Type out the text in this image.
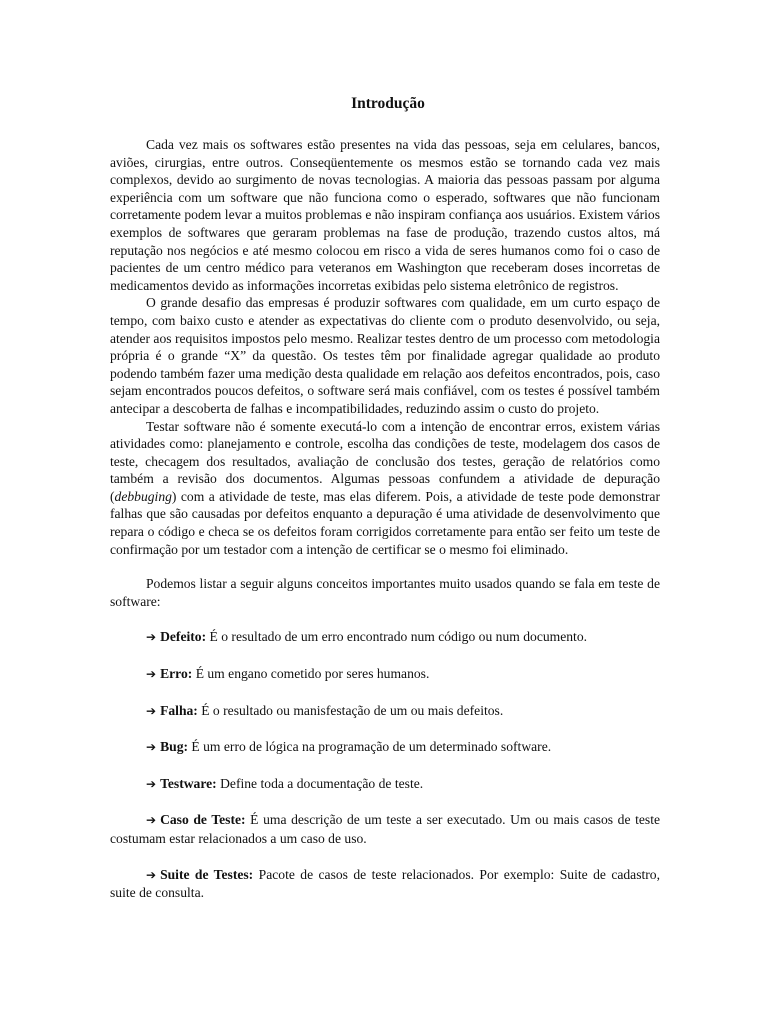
Introdução

Cada vez mais os softwares estão presentes na vida das pessoas, seja em celulares, bancos, aviões, cirurgias, entre outros. Conseqüentemente os mesmos estão se tornando cada vez mais complexos, devido ao surgimento de novas tecnologias. A maioria das pessoas passam por alguma experiência com um software que não funciona como o esperado, softwares que não funcionam corretamente podem levar a muitos problemas e não inspiram confiança aos usuários. Existem vários exemplos de softwares que geraram problemas na fase de produção, trazendo custos altos, má reputação nos negócios e até mesmo colocou em risco a vida de seres humanos como foi o caso de pacientes de um centro médico para veteranos em Washington que receberam doses incorretas de medicamentos devido as informações incorretas exibidas pelo sistema eletrônico de registros.

O grande desafio das empresas é produzir softwares com qualidade, em um curto espaço de tempo, com baixo custo e atender as expectativas do cliente com o produto desenvolvido, ou seja, atender aos requisitos impostos pelo mesmo. Realizar testes dentro de um processo com metodologia própria é o grande “X” da questão. Os testes têm por finalidade agregar qualidade ao produto podendo também fazer uma medição desta qualidade em relação aos defeitos encontrados, pois, caso sejam encontrados poucos defeitos, o software será mais confiável, com os testes é possível também antecipar a descoberta de falhas e incompatibilidades, reduzindo assim o custo do projeto.

Testar software não é somente executá-lo com a intenção de encontrar erros, existem várias atividades como: planejamento e controle, escolha das condições de teste, modelagem dos casos de teste, checagem dos resultados, avaliação de conclusão dos testes, geração de relatórios como também a revisão dos documentos. Algumas pessoas confundem a atividade de depuração (debbuging) com a atividade de teste, mas elas diferem. Pois, a atividade de teste pode demonstrar falhas que são causadas por defeitos enquanto a depuração é uma atividade de desenvolvimento que repara o código e checa se os defeitos foram corrigidos corretamente para então ser feito um teste de confirmação por um testador com a intenção de certificar se o mesmo foi eliminado.

Podemos listar a seguir alguns conceitos importantes muito usados quando se fala em teste de software:

➔ Defeito: É o resultado de um erro encontrado num código ou num documento.

➔ Erro: É um engano cometido por seres humanos.

➔ Falha: É o resultado ou manisfestação de um ou mais defeitos.

➔ Bug: É um erro de lógica na programação de um determinado software.

➔ Testware: Define toda a documentação de teste.

➔ Caso de Teste: É uma descrição de um teste a ser executado. Um ou mais casos de teste costumam estar relacionados a um caso de uso.

➔ Suite de Testes: Pacote de casos de teste relacionados. Por exemplo: Suite de cadastro, suite de consulta.
